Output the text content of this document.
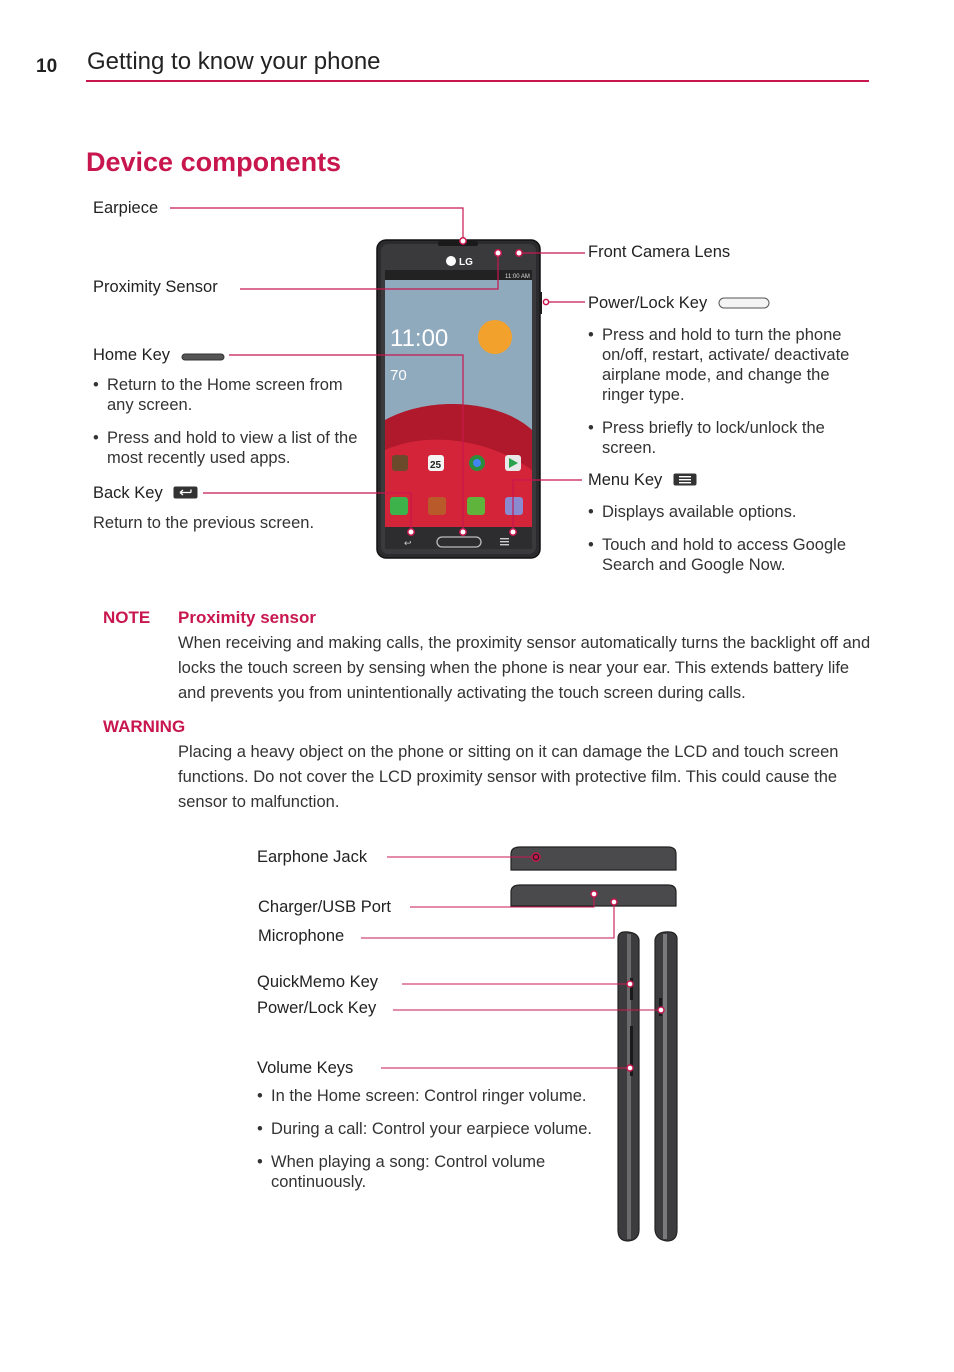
10 Getting to know your phone
Device components
11:00
70
11:00 AM
25
↩
LG
Earpiece
Proximity Sensor
Home Key
• Return to the Home screen from any screen.
• Press and hold to view a list of the most recently used apps.
Back Key
Return to the previous screen.
Front Camera Lens
Power/Lock Key
• Press and hold to turn the phone on/off, restart, activate/ deactivate airplane mode, and change the ringer type.
• Press briefly to lock/unlock the screen.
Menu Key
• Displays available options.
• Touch and hold to access Google Search and Google Now.
NOTE Proximity sensor
When receiving and making calls, the proximity sensor automatically turns the backlight off and locks the touch screen by sensing when the phone is near your ear. This extends battery life and prevents you from unintentionally activating the touch screen during calls.
WARNING
Placing a heavy object on the phone or sitting on it can damage the LCD and touch screen functions. Do not cover the LCD proximity sensor with protective film. This could cause the sensor to malfunction.
Earphone Jack
Charger/USB Port
Microphone
QuickMemo Key
Power/Lock Key
Volume Keys
• In the Home screen: Control ringer volume.
• During a call: Control your earpiece volume.
• When playing a song: Control volume continuously.
